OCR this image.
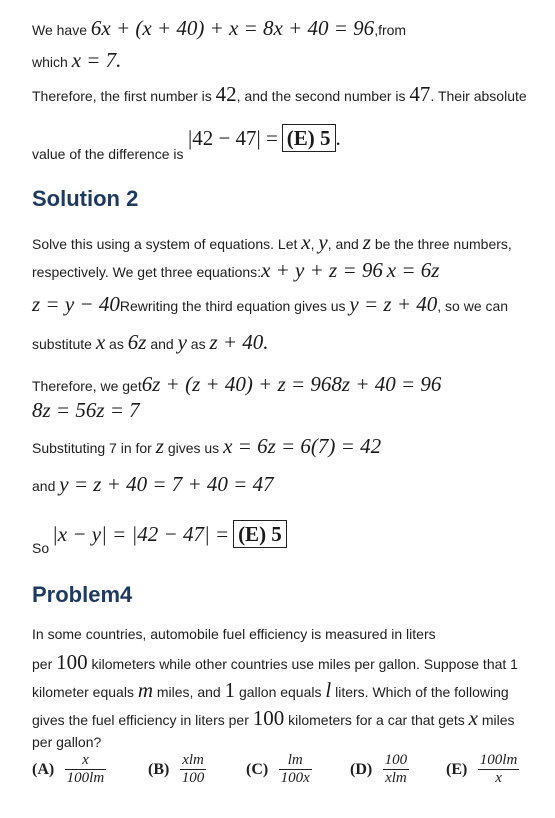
We have 6x + (x + 40) + x = 8x + 40 = 96,from
which x = 7.
Therefore, the first number is 42, and the second number is 47. Their absolute
value of the difference is
|42 − 47| = (E) 5 .
Solution 2
Solve this using a system of equations. Let x, y, and z be the three numbers,
respectively. We get three equations:x + y + z = 96 x = 6z
z = y − 40Rewriting the third equation gives us y = z + 40, so we can
substitute x as 6z and y as z + 40.
Therefore, we get6z + (z + 40) + z = 968z + 40 = 96
8z = 56z = 7
Substituting 7 in for z gives us x = 6z = 6(7) = 42
and y = z + 40 = 7 + 40 = 47
So
|x − y| = |42 − 47| = (E) 5
Problem4
In some countries, automobile fuel efficiency is measured in liters
per 100 kilometers while other countries use miles per gallon. Suppose that 1
kilometer equals m miles, and 1 gallon equals l liters. Which of the following
gives the fuel efficiency in liters per 100 kilometers for a car that gets x miles
per gallon?
$(A) \frac{x}{100lm}$	$(B) \frac{\text{xlm}}{100} (C) \frac{lm}{100x} (D) \frac{100}{\text{xlm}} (E) \frac{100lm}{x}$
